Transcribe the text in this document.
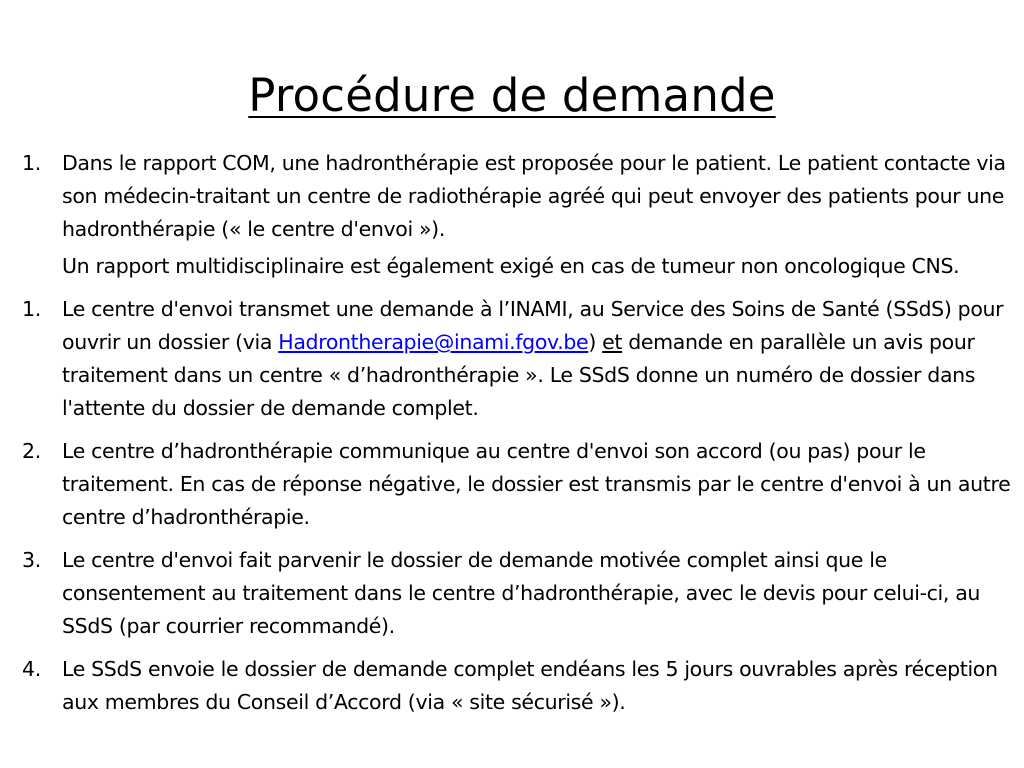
Procédure de demande
1. Dans le rapport COM, une hadronthérapie est proposée pour le patient. Le patient contacte via son médecin-traitant un centre de radiothérapie agréé qui peut envoyer des patients pour une hadronthérapie (« le centre d'envoi »).

Un rapport multidisciplinaire est également exigé en cas de tumeur non oncologique CNS.

1. Le centre d'envoi transmet une demande à l’INAMI, au Service des Soins de Santé (SSdS) pour ouvrir un dossier (via Hadrontherapie@inami.fgov.be) et demande en parallèle un avis pour traitement dans un centre « d’hadronthérapie ». Le SSdS donne un numéro de dossier dans l'attente du dossier de demande complet.

2. Le centre d’hadronthérapie communique au centre d'envoi son accord (ou pas) pour le traitement. En cas de réponse négative, le dossier est transmis par le centre d'envoi à un autre centre d’hadronthérapie.

3. Le centre d'envoi fait parvenir le dossier de demande motivée complet ainsi que le consentement au traitement dans le centre d’hadronthérapie, avec le devis pour celui-ci, au SSdS (par courrier recommandé).

4. Le SSdS envoie le dossier de demande complet endéans les 5 jours ouvrables après réception aux membres du Conseil d’Accord (via « site sécurisé »).
